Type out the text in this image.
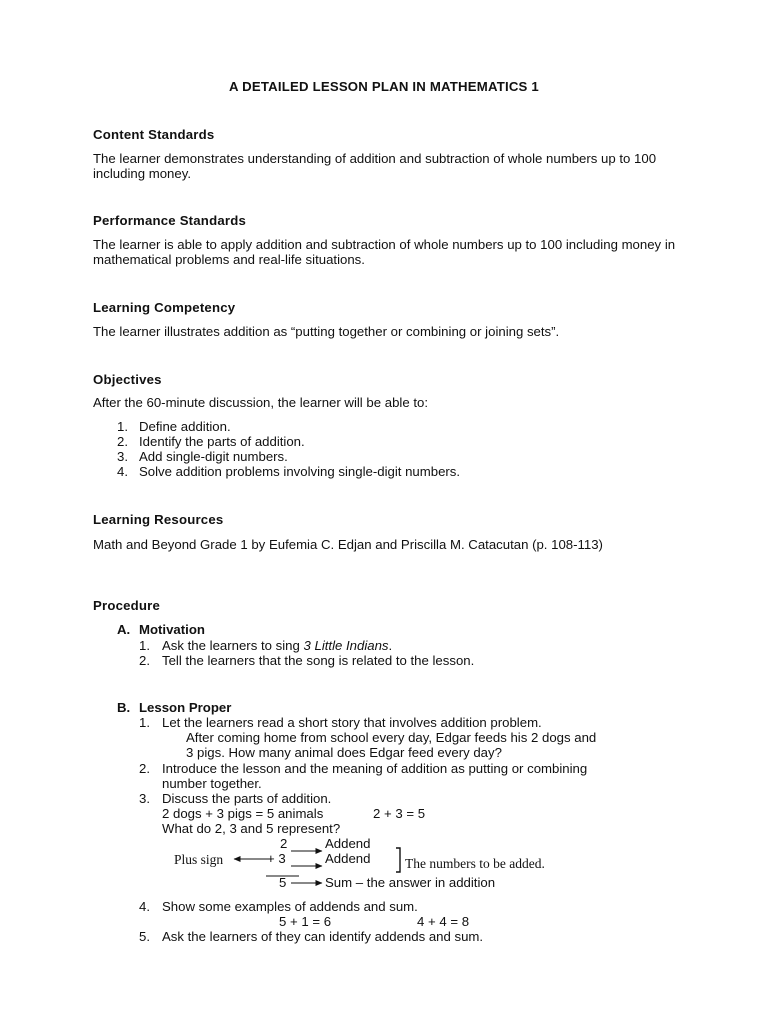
A DETAILED LESSON PLAN IN MATHEMATICS 1
Content Standards
The learner demonstrates understanding of addition and subtraction of whole numbers up to 100 including money.
Performance Standards
The learner is able to apply addition and subtraction of whole numbers up to 100 including money in mathematical problems and real-life situations.
Learning Competency
The learner illustrates addition as “putting together or combining or joining sets”.
Objectives
After the 60-minute discussion, the learner will be able to:
1. Define addition.
2. Identify the parts of addition.
3. Add single-digit numbers.
4. Solve addition problems involving single-digit numbers.
Learning Resources
Math and Beyond Grade 1 by Eufemia C. Edjan and Priscilla M. Catacutan (p. 108-113)
Procedure
A. Motivation
1. Ask the learners to sing 3 Little Indians.
2. Tell the learners that the song is related to the lesson.
B. Lesson Proper
1. Let the learners read a short story that involves addition problem.
After coming home from school every day, Edgar feeds his 2 dogs and
3 pigs. How many animal does Edgar feed every day?
2. Introduce the lesson and the meaning of addition as putting or combining
number together.
3. Discuss the parts of addition.
2 dogs + 3 pigs = 5 animals	2 + 3 = 5
What do 2, 3 and 5 represent?
2	Addend
Plus sign	+ 3	Addend	The numbers to be added.
5	Sum – the answer in addition
4. Show some examples of addends and sum.
5 + 1 = 6	4 + 4 = 8
5. Ask the learners of they can identify addends and sum.
